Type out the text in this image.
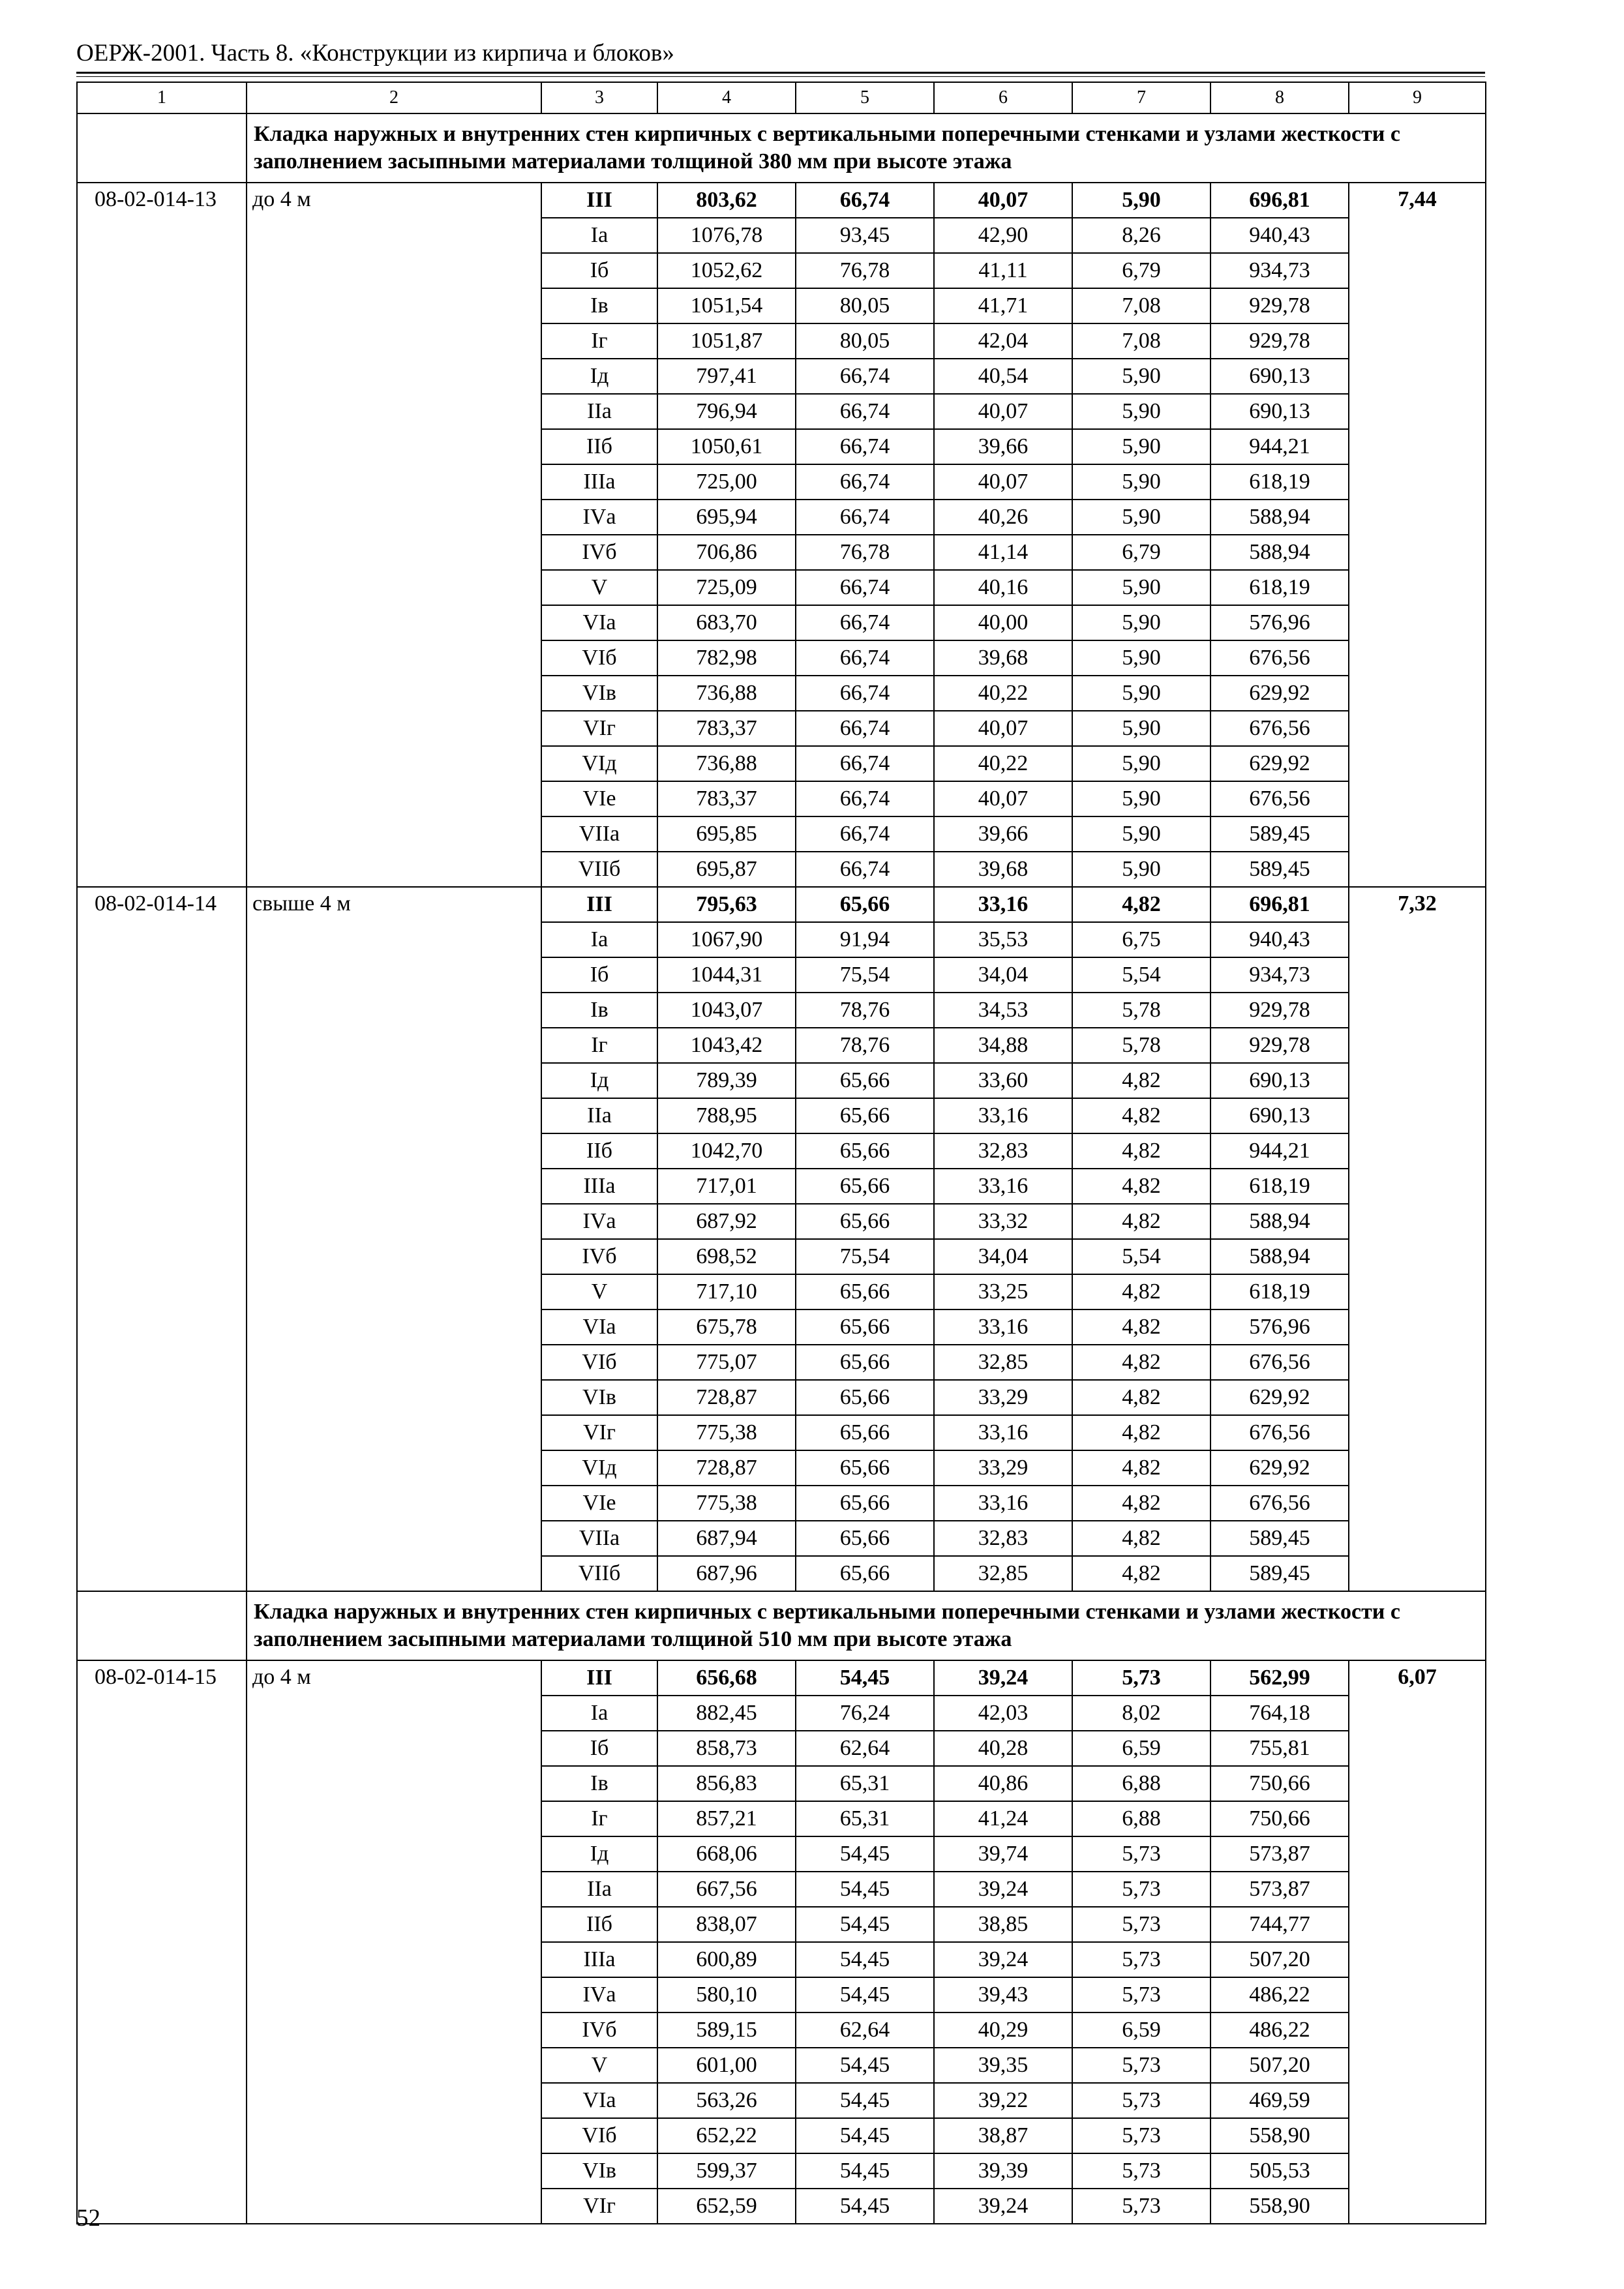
ОЕРЖ-2001. Часть 8. «Конструкции из кирпича и блоков»
1	2	3	4	5	6	7	8	9
	Кладка наружных и внутренних стен кирпичных с вертикальными поперечными стенками и узлами жесткости с заполнением засыпными материалами толщиной 380 мм при высоте этажа							
08-02-014-13	до 4 м	III	803,62	66,74	40,07	5,90	696,81	7,44
		Iа	1076,78	93,45	42,90	8,26	940,43	
		Iб	1052,62	76,78	41,11	6,79	934,73	
		Iв	1051,54	80,05	41,71	7,08	929,78	
		Iг	1051,87	80,05	42,04	7,08	929,78	
		Iд	797,41	66,74	40,54	5,90	690,13	
		IIа	796,94	66,74	40,07	5,90	690,13	
		IIб	1050,61	66,74	39,66	5,90	944,21	
		IIIа	725,00	66,74	40,07	5,90	618,19	
		IVа	695,94	66,74	40,26	5,90	588,94	
		IVб	706,86	76,78	41,14	6,79	588,94	
		V	725,09	66,74	40,16	5,90	618,19	
		VIа	683,70	66,74	40,00	5,90	576,96	
		VIб	782,98	66,74	39,68	5,90	676,56	
		VIв	736,88	66,74	40,22	5,90	629,92	
		VIг	783,37	66,74	40,07	5,90	676,56	
		VIд	736,88	66,74	40,22	5,90	629,92	
		VIе	783,37	66,74	40,07	5,90	676,56	
		VIIа	695,85	66,74	39,66	5,90	589,45	
		VIIб	695,87	66,74	39,68	5,90	589,45	
08-02-014-14	свыше 4 м	III	795,63	65,66	33,16	4,82	696,81	7,32
		Iа	1067,90	91,94	35,53	6,75	940,43	
		Iб	1044,31	75,54	34,04	5,54	934,73	
		Iв	1043,07	78,76	34,53	5,78	929,78	
		Iг	1043,42	78,76	34,88	5,78	929,78	
		Iд	789,39	65,66	33,60	4,82	690,13	
		IIа	788,95	65,66	33,16	4,82	690,13	
		IIб	1042,70	65,66	32,83	4,82	944,21	
		IIIа	717,01	65,66	33,16	4,82	618,19	
		IVа	687,92	65,66	33,32	4,82	588,94	
		IVб	698,52	75,54	34,04	5,54	588,94	
		V	717,10	65,66	33,25	4,82	618,19	
		VIа	675,78	65,66	33,16	4,82	576,96	
		VIб	775,07	65,66	32,85	4,82	676,56	
		VIв	728,87	65,66	33,29	4,82	629,92	
		VIг	775,38	65,66	33,16	4,82	676,56	
		VIд	728,87	65,66	33,29	4,82	629,92	
		VIе	775,38	65,66	33,16	4,82	676,56	
		VIIа	687,94	65,66	32,83	4,82	589,45	
		VIIб	687,96	65,66	32,85	4,82	589,45	
	Кладка наружных и внутренних стен кирпичных с вертикальными поперечными стенками и узлами жесткости с заполнением засыпными материалами толщиной 510 мм при высоте этажа							
08-02-014-15	до 4 м	III	656,68	54,45	39,24	5,73	562,99	6,07
		Iа	882,45	76,24	42,03	8,02	764,18	
		Iб	858,73	62,64	40,28	6,59	755,81	
		Iв	856,83	65,31	40,86	6,88	750,66	
		Iг	857,21	65,31	41,24	6,88	750,66	
		Iд	668,06	54,45	39,74	5,73	573,87	
		IIа	667,56	54,45	39,24	5,73	573,87	
		IIб	838,07	54,45	38,85	5,73	744,77	
		IIIа	600,89	54,45	39,24	5,73	507,20	
		IVа	580,10	54,45	39,43	5,73	486,22	
		IVб	589,15	62,64	40,29	6,59	486,22	
		V	601,00	54,45	39,35	5,73	507,20	
		VIа	563,26	54,45	39,22	5,73	469,59	
		VIб	652,22	54,45	38,87	5,73	558,90	
		VIв	599,37	54,45	39,39	5,73	505,53	
		VIг	652,59	54,45	39,24	5,73	558,90	
52
